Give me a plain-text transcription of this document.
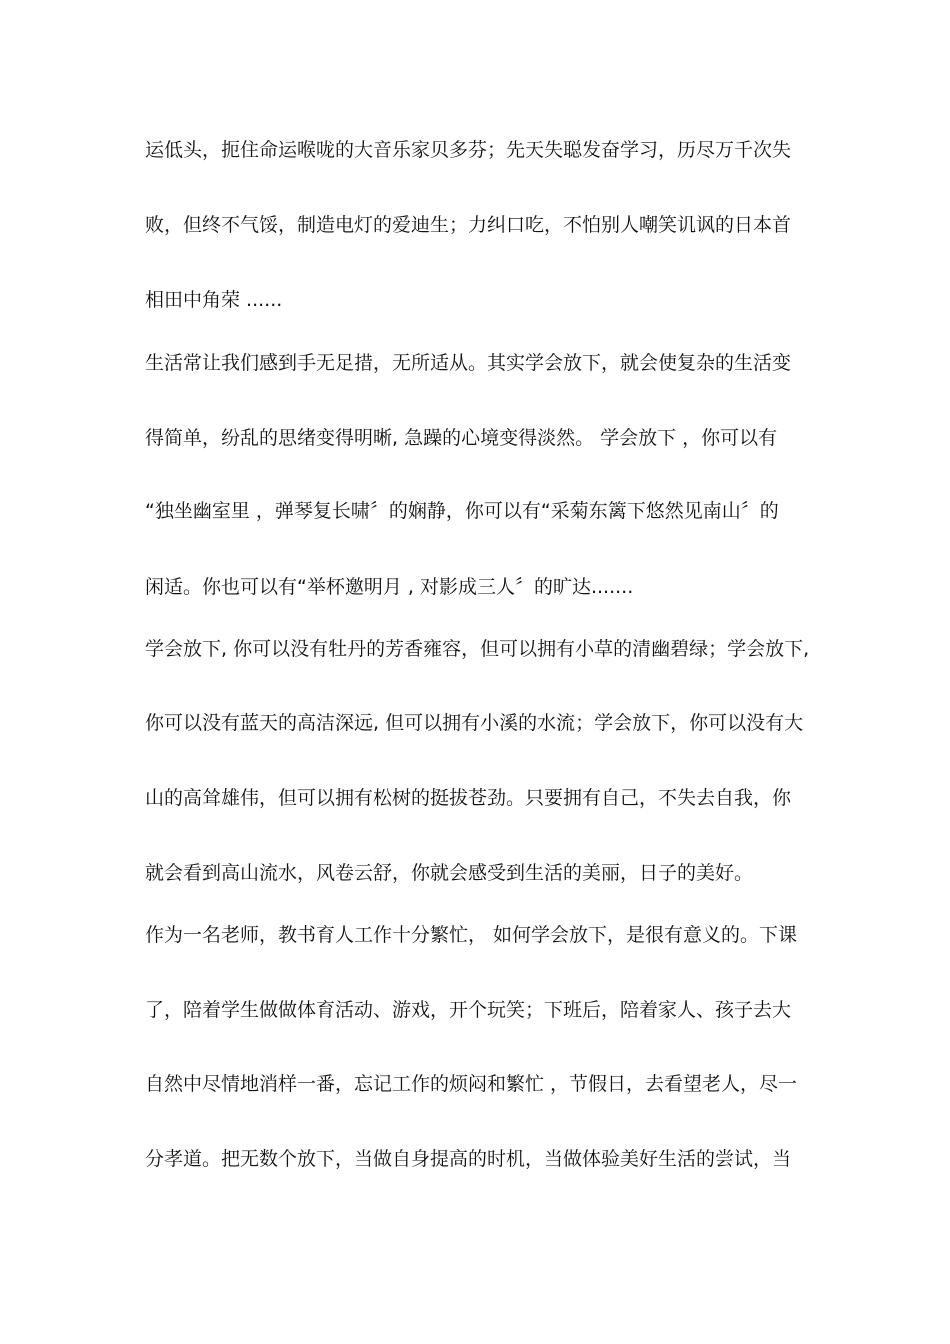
运低头，扼住命运喉咙的大音乐家贝多芬；先天失聪发奋学习，历尽万千次失
败，但终不气馁，制造电灯的爱迪生；力纠口吃，不怕别人嘲笑讥讽的日本首
相田中角荣 ......
生活常让我们感到手无足措，无所适从。其实学会放下，就会使复杂的生活变
得简单，纷乱的思绪变得明晰, 急躁的心境变得淡然。 学会放下 ，你可以有
“独坐幽室里 ，弹琴复长啸〞的娴静，你可以有“采菊东篱下悠然见南山〞的
闲适。你也可以有“举杯邀明月 , 对影成三人〞的旷达.......
学会放下, 你可以没有牡丹的芳香雍容，但可以拥有小草的清幽碧绿；学会放下,
你可以没有蓝天的高洁深远, 但可以拥有小溪的水流；学会放下，你可以没有大
山的高耸雄伟，但可以拥有松树的挺拔苍劲。只要拥有自己，不失去自我，你
就会看到高山流水，风卷云舒，你就会感受到生活的美丽，日子的美好。
作为一名老师，教书育人工作十分繁忙， 如何学会放下，是很有意义的。下课
了，陪着学生做做体育活动、游戏，开个玩笑；下班后，陪着家人、孩子去大
自然中尽情地消样一番，忘记工作的烦闷和繁忙 ，节假日，去看望老人，尽一
分孝道。把无数个放下，当做自身提高的时机，当做体验美好生活的尝试，当
